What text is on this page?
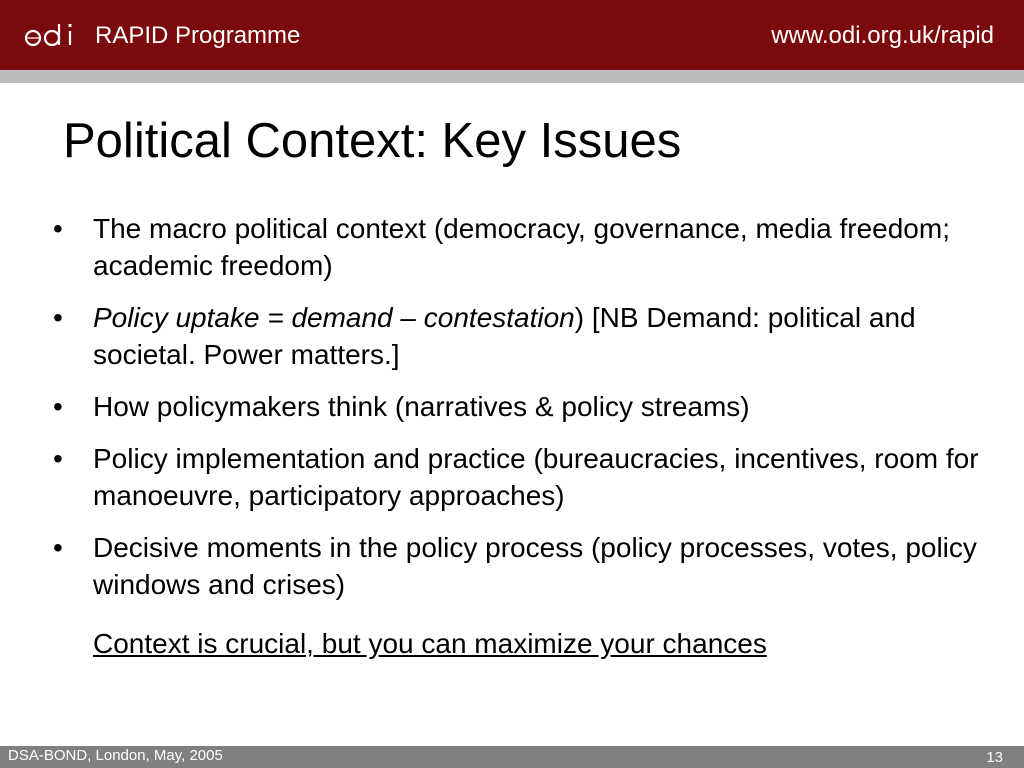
RAPID Programme	www.odi.org.uk/rapid
Political Context: Key Issues
•	The macro political context (democracy, governance, media freedom; academic freedom)
•	Policy uptake = demand – contestation) [NB Demand: political and societal. Power matters.]
•	How policymakers think (narratives & policy streams)
•	Policy implementation and practice (bureaucracies, incentives, room for manoeuvre, participatory approaches)
•	Decisive moments in the policy process (policy processes, votes, policy windows and crises)
Context is crucial, but you can maximize your chances
DSA-BOND, London, May, 2005	13
